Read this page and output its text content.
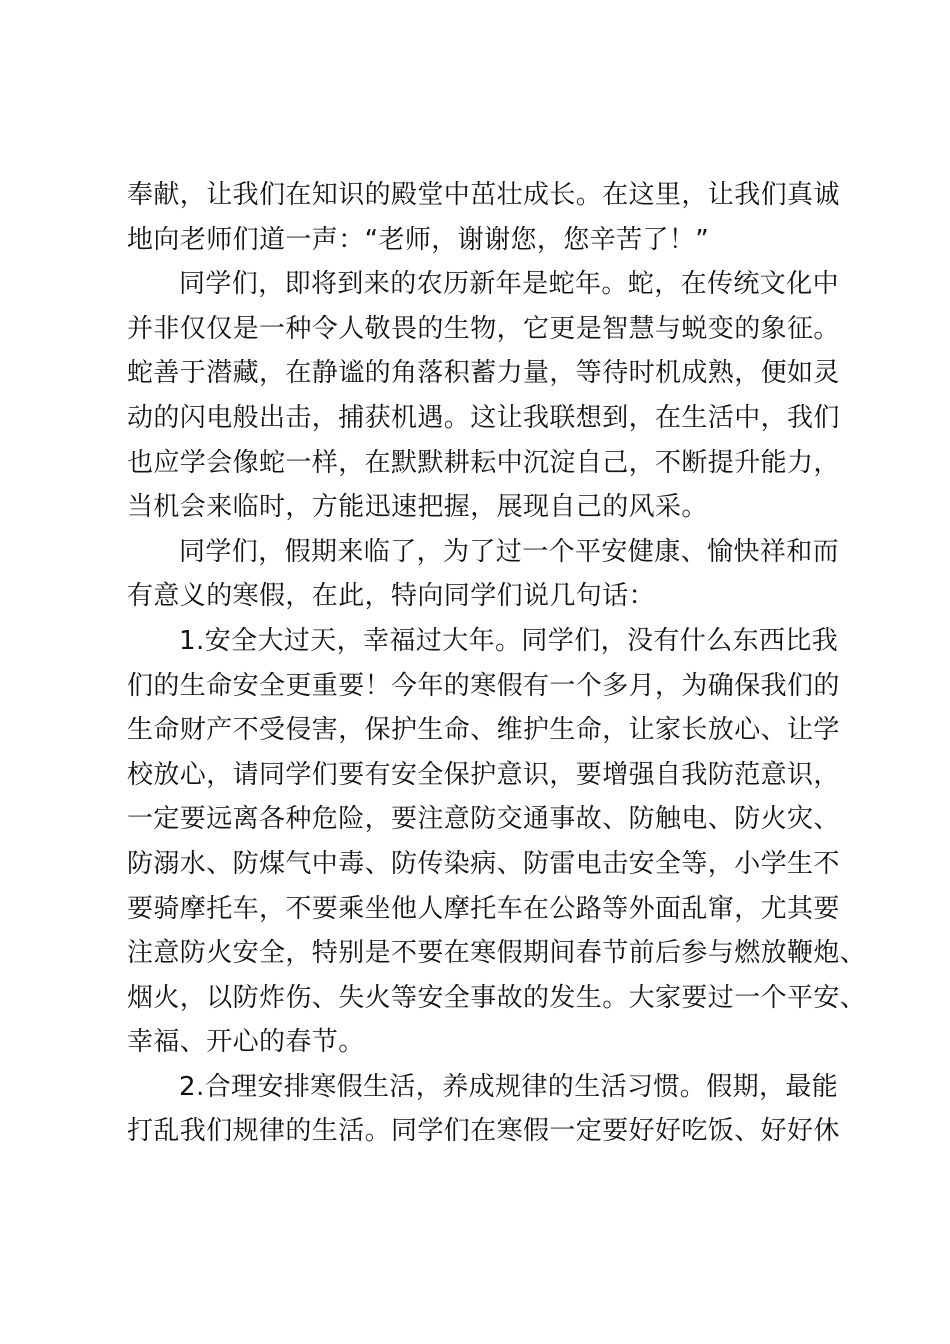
奉献，让我们在知识的殿堂中茁壮成长。在这里，让我们真诚
地向老师们道一声：“老师，谢谢您，您辛苦了！”
同学们，即将到来的农历新年是蛇年。蛇，在传统文化中
并非仅仅是一种令人敬畏的生物，它更是智慧与蜕变的象征。
蛇善于潜藏，在静谧的角落积蓄力量，等待时机成熟，便如灵
动的闪电般出击，捕获机遇。这让我联想到，在生活中，我们
也应学会像蛇一样，在默默耕耘中沉淀自己，不断提升能力，
当机会来临时，方能迅速把握，展现自己的风采。
同学们，假期来临了，为了过一个平安健康、愉快祥和而
有意义的寒假，在此，特向同学们说几句话：
1.安全大过天，幸福过大年。同学们，没有什么东西比我
们的生命安全更重要！今年的寒假有一个多月，为确保我们的
生命财产不受侵害，保护生命、维护生命，让家长放心、让学
校放心，请同学们要有安全保护意识，要增强自我防范意识，
一定要远离各种危险，要注意防交通事故、防触电、防火灾、
防溺水、防煤气中毒、防传染病、防雷电击安全等，小学生不
要骑摩托车，不要乘坐他人摩托车在公路等外面乱窜，尤其要
注意防火安全，特别是不要在寒假期间春节前后参与燃放鞭炮、
烟火，以防炸伤、失火等安全事故的发生。大家要过一个平安、
幸福、开心的春节。
2.合理安排寒假生活，养成规律的生活习惯。假期，最能
打乱我们规律的生活。同学们在寒假一定要好好吃饭、好好休
